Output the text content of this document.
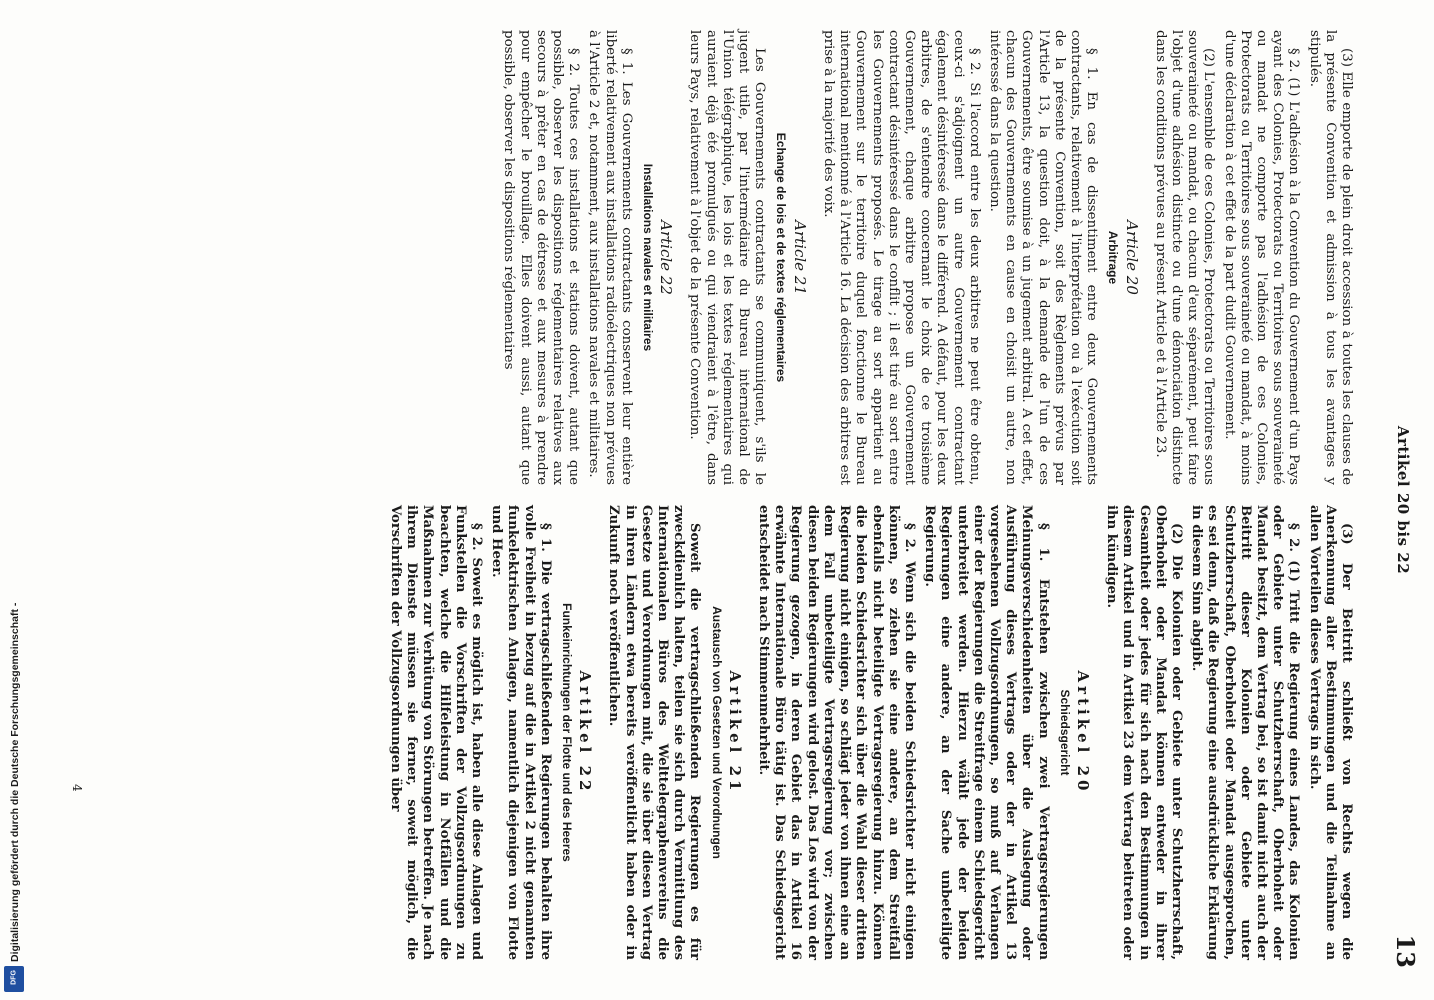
Artikel 20 bis 22
13

(3) Elle emporte de plein droit accession à toutes les clauses de la présente Convention et admission à tous les avantages y stipulés.

§ 2. (1) L'adhésion à la Convention du Gouvernement d'un Pays ayant des Colonies, Protectorats ou Territoires sous souveraineté ou mandat ne comporte pas l'adhésion de ces Colonies, Protectorats ou Territoires sous souveraineté ou mandat, à moins d'une déclaration à cet effet de la part dudit Gouvernement.

(2) L'ensemble de ces Colonies, Protectorats ou Territoires sous souveraineté ou mandat, ou chacun d'eux séparément, peut faire l'objet d'une adhésion distincte ou d'une dénonciation distincte dans les conditions prévues au présent Article et à l'Article 23.

Article 20
Arbitrage

§ 1. En cas de dissentiment entre deux Gouvernements contractants, relativement à l'interprétation ou à l'exécution soit de la présente Convention, soit des Règlements prévus par l'Article 13, la question doit, à la demande de l'un de ces Gouvernements, être soumise à un jugement arbitral. A cet effet, chacun des Gouvernements en cause en choisit un autre, non intéressé dans la question.

§ 2. Si l'accord entre les deux arbitres ne peut être obtenu, ceux-ci s'adjoignent un autre Gouvernement contractant également désintéressé dans le différend. A défaut, pour les deux arbitres, de s'entendre concernant le choix de ce troisième Gouvernement, chaque arbitre propose un Gouvernement contractant désintéressé dans le conflit ; il est tiré au sort entre les Gouvernements proposés. Le tirage au sort appartient au Gouvernement sur le territoire duquel fonctionne le Bureau international mentionné à l'Article 16. La décision des arbitres est prise à la majorité des voix.

Article 21
Echange de lois et de textes réglementaires

Les Gouvernements contractants se communiquent, s'ils le jugent utile, par l'intermédiaire du Bureau international de l'Union télégraphique, les lois et les textes réglementaires qui auraient déjà été promulgués ou qui viendraient à l'être, dans leurs Pays, relativement à l'objet de la présente Convention.

Article 22
Installations navales et militaires

§ 1. Les Gouvernements contractants conservent leur entière liberté relativement aux installations radioélectriques non prévues à l'Article 2 et, notamment, aux installations navales et militaires.

§ 2. Toutes ces installations et stations doivent, autant que possible, observer les dispositions réglementaires relatives aux secours à prêter en cas de détresse et aux mesures à prendre pour empêcher le brouillage. Elles doivent aussi, autant que possible, observer les dispositions réglementaires

(3) Der Beitritt schließt von Rechts wegen die Anerkennung aller Bestimmungen und die Teilnahme an allen Vorteilen dieses Vertrags in sich.

§ 2. (1) Tritt die Regierung eines Landes, das Kolonien oder Gebiete unter Schutzherrschaft, Oberhoheit oder Mandat besitzt, dem Vertrag bei, so ist damit nicht auch der Beitritt dieser Kolonien oder Gebiete unter Schutzherrschaft, Oberhoheit oder Mandat ausgesprochen, es sei denn, daß die Regierung eine ausdrückliche Erklärung in diesem Sinn abgibt.

(2) Die Kolonien oder Gebiete unter Schutzherrschaft, Oberhoheit oder Mandat können entweder in ihrer Gesamtheit oder jedes für sich nach den Bestimmungen in diesem Artikel und in Artikel 23 dem Vertrag beitreten oder ihn kündigen.

Artikel 20
Schiedsgericht

§ 1. Entstehen zwischen zwei Vertragsregierungen Meinungsverschiedenheiten über die Auslegung oder Ausführung dieses Vertrags oder der in Artikel 13 vorgesehenen Vollzugsordnungen, so muß auf Verlangen einer der Regierungen die Streitfrage einem Schiedsgericht unterbreitet werden. Hierzu wählt jede der beiden Regierungen eine andere, an der Sache unbeteiligte Regierung.

§ 2. Wenn sich die beiden Schiedsrichter nicht einigen können, so ziehen sie eine andere, an dem Streitfall ebenfalls nicht beteiligte Vertragsregierung hinzu. Können die beiden Schiedsrichter sich über die Wahl dieser dritten Regierung nicht einigen, so schlägt jeder von ihnen eine an dem Fall unbeteiligte Vertragsregierung vor; zwischen diesen beiden Regierungen wird gelost. Das Los wird von der Regierung gezogen, in deren Gebiet das in Artikel 16 erwähnte Internationale Büro tätig ist. Das Schiedsgericht entscheidet nach Stimmenmehrheit.

Artikel 21
Austausch von Gesetzen und Verordnungen

Soweit die vertragschließenden Regierungen es für zweckdienlich halten, teilen sie sich durch Vermittlung des Internationalen Büros des Welttelegraphenvereins die Gesetze und Verordnungen mit, die sie über diesen Vertrag in ihren Ländern etwa bereits veröffentlicht haben oder in Zukunft noch veröffentlichen.

Artikel 22
Funkeinrichtungen der Flotte und des Heeres

§ 1. Die vertragschließenden Regierungen behalten ihre volle Freiheit in bezug auf die in Artikel 2 nicht genannten funkelektrischen Anlagen, namentlich diejenigen von Flotte und Heer.

§ 2. Soweit es möglich ist, haben alle diese Anlagen und Funkstellen die Vorschriften der Vollzugsordnungen zu beachten, welche die Hilfeleistung in Notfällen und die Maßnahmen zur Verhütung von Störungen betreffen. Je nach ihrem Dienste müssen sie ferner, soweit möglich, die Vorschriften der Vollzugsordnungen über

4
Digitalisierung gefördert durch die Deutsche Forschungsgemeinschaft -
DFG
